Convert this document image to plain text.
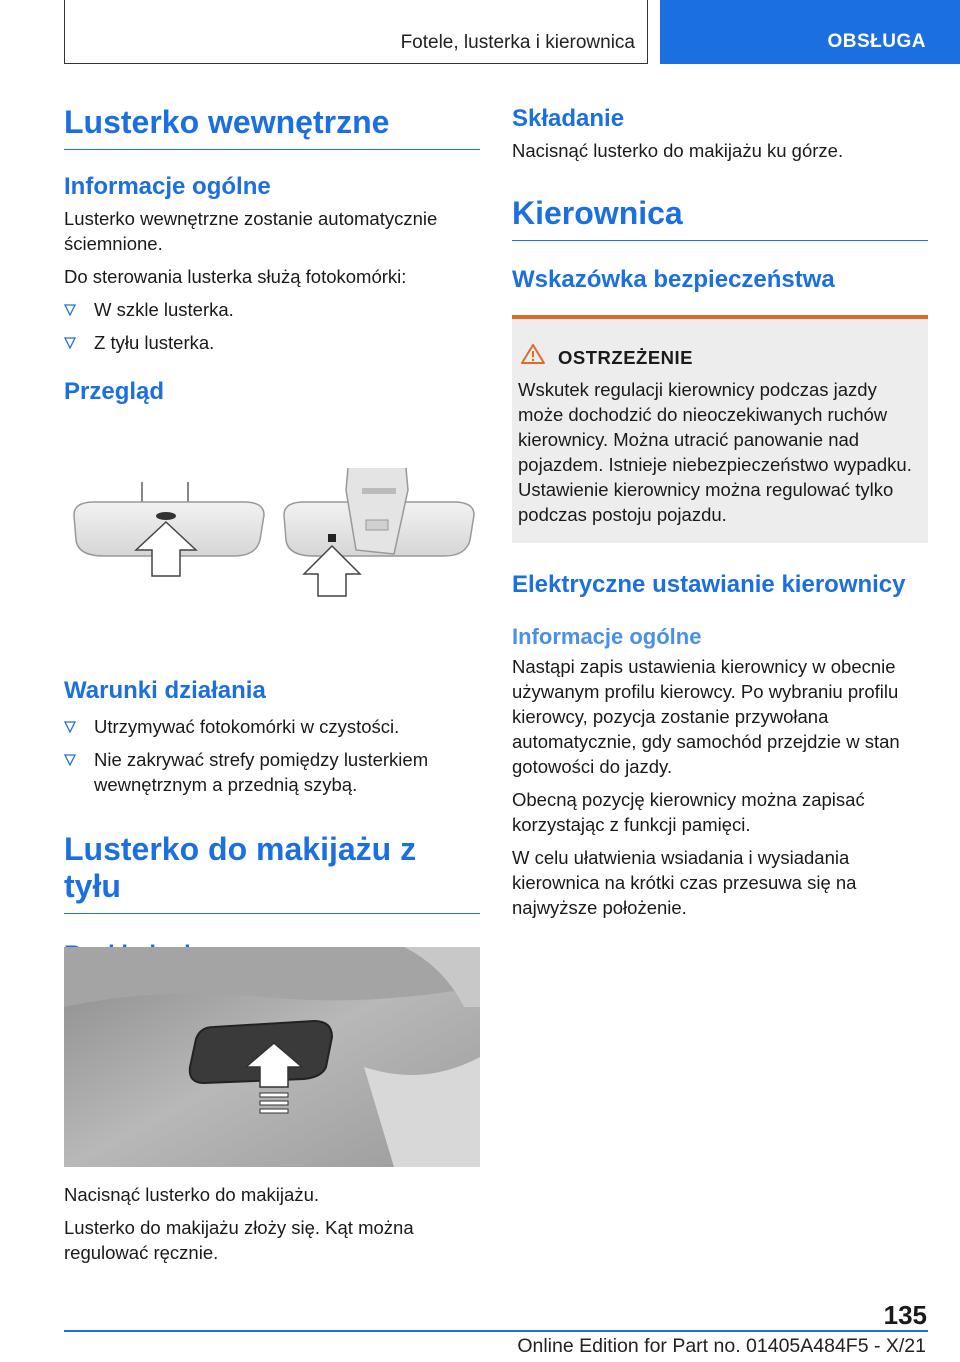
Fotele, lusterka i kierownica	OBSŁUGA
Lusterko wewnętrzne
Informacje ogólne

Lusterko wewnętrzne zostanie automatycznie ściemnione.

Do sterowania lusterka służą fotokomórki:

W szkle lusterka.
Z tyłu lusterka.
Przegląd
Warunki działania
Utrzymywać fotokomórki w czystości.
Nie zakrywać strefy pomiędzy lusterkiem wewnętrznym a przednią szybą.
Lusterko do makijażu z tyłu

Nacisnąć lusterko do makijażu.

Lusterko do makijażu złoży się. Kąt można regulować ręcznie.

Składanie

Nacisnąć lusterko do makijażu ku górze.

Kierownica
Wskazówka bezpieczeństwa
OSTRZEŻENIE
Wskutek regulacji kierownicy podczas jazdy może dochodzić do nieoczekiwanych ruchów kierownicy. Można utracić panowanie nad pojazdem. Istnieje niebezpieczeństwo wypadku. Ustawienie kierownicy można regulować tylko podczas postoju pojazdu.
Elektryczne ustawianie kierownicy
Informacje ogólne

Nastąpi zapis ustawienia kierownicy w obecnie używanym profilu kierowcy. Po wybraniu profilu kierowcy, pozycja zostanie przywołana automatycznie, gdy samochód przejdzie w stan gotowości do jazdy.

Obecną pozycję kierownicy można zapisać korzystając z funkcji pamięci.

W celu ułatwienia wsiadania i wysiadania kierownica na krótki czas przesuwa się na najwyższe położenie.

135
Online Edition for Part no. 01405A484F5 - X/21
